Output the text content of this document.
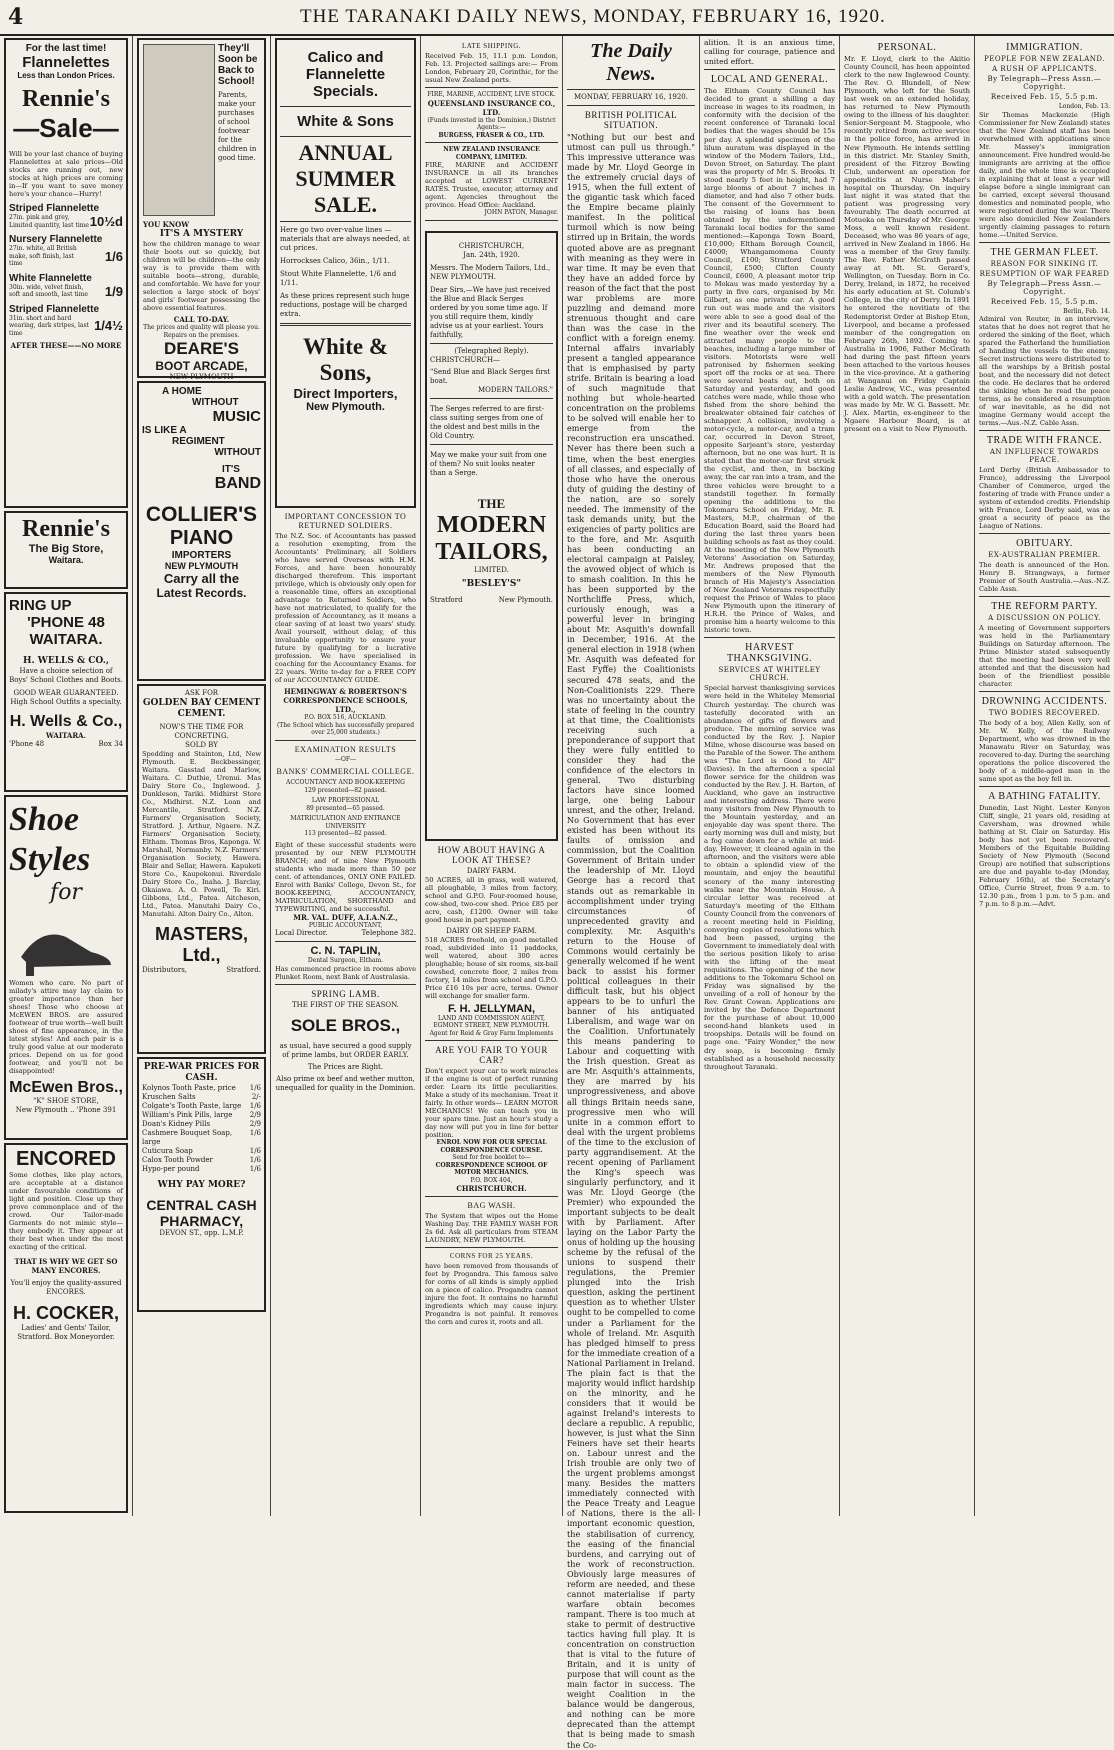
4	THE TARANAKI DAILY NEWS, MONDAY, FEBRUARY 16, 1920.
For the last time!
Flannelettes
Less than London Prices.
Rennie's
—Sale—
Will be your last chance of buying Flannelettes at sale prices—Old stocks are running out, new stocks at high prices are coming in—If you want to save money here's your chance—Hurry!
Striped Flannelette
27in. pink and grey, Limited quantity, last time 10½d
Nursery Flannelette
27in. white, all British make, soft finish, last time	1/6
White Flannelette
30in. wide, velvet finish, soft and smooth, last time 1/9
Striped Flannelette
31in. short and hard wearing, dark stripes, last time	1/4½
AFTER THESE——NO MORE
Rennie's
The Big Store,
Waitara.
RING UP
'PHONE 48
WAITARA.
H. WELLS & CO.,
Have a choice selection of Boys' School Clothes and Boots.
GOOD WEAR GUARANTEED.
High School Outfits a specialty.
H. Wells & Co.,
WAITARA.
'Phone 48	Box 34
Shoe Styles
for
Women who care. No part of milady's attire may lay claim to greater importance than her shoes! Those who choose at McEWEN BROS. are assured footwear of true worth—well built shoes of fine appearance, in the latest styles! And each pair is a truly good value at our moderate prices. Depend on us for good footwear, and you'll not be disappointed!
McEwen Bros.,
"K" SHOE STORE,
New Plymouth .. 'Phone 391
ENCORED
Some clothes, like play actors, are acceptable at a distance under favourable conditions of light and position. Close up they prove commonplace and of the crowd. Our Tailor-made Garments do not mimic style—they embody it. They appear at their best when under the most exacting of the critical.
THAT IS WHY WE GET SO MANY ENCORES.
You'll enjoy the quality-assured ENCORES.
H. COCKER,
Ladies' and Gents' Tailor, Stratford. Box Moneyorder.
They'll Soon be Back to School!
Parents, make your purchases of school footwear for the children in good time.
YOU KNOW
IT'S A MYSTERY
how the children manage to wear their boots out so quickly, but children will be children—the only way is to provide them with suitable boots—strong, durable, and comfortable. We have for your selection a large stock of boys' and girls' footwear possessing the above essential features.
CALL TO-DAY.
The prices and quality will please you.
Repairs on the premises.
DEARE'S
BOOT ARCADE,
NEW PLYMOUTH
A HOME
WITHOUT
MUSIC
IS LIKE A
REGIMENT
WITHOUT
IT'S
BAND
COLLIER'S
PIANO
IMPORTERS
NEW PLYMOUTH
Carry all the
Latest Records.
ASK FOR
GOLDEN BAY CEMENT
CEMENT.
NOW'S THE TIME FOR CONCRETING.
SOLD BY
Spedding and Stainton, Ltd, New Plymouth. E. Beckbessinger, Waitara. Gasstad and Marlow, Waitara. C. Duthie, Urenui. Mas Dairy Store Co., Inglewood. J. Dunkleson, Tariki. Midhirst Store Co., Midhirst. N.Z. Loan and Mercantile, Stratford. N.Z. Farmers' Organisation Society, Stratford. J. Arthur, Ngaere. N.Z. Farmers' Organisation Society, Eltham. Thomas Bros, Kaponga. W. Marshall, Normanby. N.Z. Farmers' Organisation Society, Hawera. Blair and Sellar, Hawera. Kapuketi Store Co., Kaupokonui. Riverdale Dairy Store Co., Inaha. J. Barclay, Okaiawa. A. O. Powell, Te Kiri. Gibbons, Ltd., Patea. Aitcheson, Ltd., Patea. Manutahi Dairy Co., Manutahi. Alton Dairy Co., Alton.
MASTERS, Ltd.,
Distributors,	Stratford.
PRE-WAR PRICES FOR CASH.
Kolynos Tooth Paste, price 1/6
Kruschen Salts	2/-
Colgate's Tooth Paste, large 1/6
William's Pink Pills, large 2/9
Doan's Kidney Pills	2/9
Cashmere Bouquet Soap, large
1/6
Cuticura Soap	1/6
Calox Tooth Powder	1/6
Hypo-per pound	1/6
WHY PAY MORE?
CENTRAL CASH
PHARMACY,
DEVON ST., opp. L.M.P.
Calico and Flannelette Specials.
White & Sons
ANNUAL
SUMMER
SALE.
Here go two over-value lines —materials that are always needed, at cut prices.
Horrockses Calico, 36in., 1/11.
Stout White Flannelette, 1/6 and 1/11.
As these prices represent such huge reductions, postage will be charged extra.
White & Sons,
Direct Importers,
New Plymouth.
IMPORTANT CONCESSION TO RETURNED SOLDIERS.
The N.Z. Soc. of Accountants has passed a resolution exempting, from the Accountants' Preliminary, all Soldiers who have served Overseas with H.M. Forces, and have been honourably discharged therefrom. This important privilege, which is obviously only open for a reasonable time, offers an exceptional advantage to Returned Soldiers, who have not matriculated, to qualify for the profession of Accountancy, as it means a clear saving of at least two years' study. Avail yourself, without delay, of this invaluable opportunity to ensure your future by qualifying for a lucrative profession. We have specialised in coaching for the Accountancy Exams. for 22 years. Write to-day for a FREE COPY of our ACCOUNTANCY GUIDE.
HEMINGWAY & ROBERTSON'S CORRESPONDENCE SCHOOLS, LTD.,
P.O. BOX 516, AUCKLAND.
(The School which has successfully prepared over 25,000 students.)
EXAMINATION RESULTS
—OF—
BANKS' COMMERCIAL COLLEGE.
ACCOUNTANCY AND BOOK-KEEPING
129 presented—82 passed.
LAW PROFESSIONAL
89 presented—65 passed.
MATRICULATION AND ENTRANCE UNIVERSITY
113 presented—82 passed.
Eight of these successful students were presented by our NEW PLYMOUTH BRANCH; and of nine New Plymouth students who made more than 50 per cent. of attendances, ONLY ONE FAILED. Enrol with Banks' College, Devon St., for BOOK-KEEPING, ACCOUNTANCY, MATRICULATION, SHORTHAND and TYPEWRITING, and be successful.
MR. VAL. DUFF, A.I.A.N.Z.,
PUBLIC ACCOUNTANT,
Local Director.	Telephone 382.
C. N. TAPLIN,
Dental Surgeon, Eltham.
Has commenced practice in rooms above Plunket Room, next Bank of Australasia.
SPRING LAMB.
THE FIRST OF THE SEASON.
SOLE BROS.,
as usual, have secured a good supply of prime lambs, but ORDER EARLY.
The Prices are Right.
Also prime ox beef and wether mutton, unequalled for quality in the Dominion.
LATE SHIPPING.
Received Feb. 15, 11.1 p.m. London, Feb. 13. Projected sailings are:— From London, February 20, Corinthic, for the usual New Zealand ports.
FIRE, MARINE, ACCIDENT, LIVE STOCK.
QUEENSLAND INSURANCE CO., LTD.
(Funds invested in the Dominion.) District Agents:—
BURGESS, FRASER & CO., LTD.
NEW ZEALAND INSURANCE COMPANY, LIMITED.
FIRE, MARINE and ACCIDENT INSURANCE in all its branches accepted at LOWEST CURRENT RATES. Trustee, executor, attorney and agent. Agencies throughout the province. Head Office: Auckland.
JOHN PATON, Manager.
CHRISTCHURCH,
Jan. 24th, 1920.
Messrs. The Modern Tailors, Ltd., NEW PLYMOUTH.
Dear Sirs,—We have just received the Blue and Black Serges ordered by you some time ago. If you still require them, kindly advise us at your earliest. Yours faithfully,
(Telegraphed Reply).
CHRISTCHURCH—
"Send Blue and Black Serges first boat.
MODERN TAILORS."
The Serges referred to are first-class suiting serges from one of the oldest and best mills in the Old Country.
May we make your suit from one of them? No suit looks neater than a Serge.
THE
MODERN
TAILORS,
LIMITED.
"BESLEY'S"
Stratford	New Plymouth.
HOW ABOUT HAVING A LOOK AT THESE?
DAIRY FARM.
50 ACRES, all in grass, well watered, all ploughable, 3 miles from factory, school and G.P.O. Four-roomed house, cow-shed, two-cow shed. Price £85 per acre, cash, £1200. Owner will take good house in part payment.
DAIRY OR SHEEP FARM.
518 ACRES freehold, on good metalled road, subdivided into 11 paddocks, well watered, about 300 acres ploughable; house of six rooms, six-bail cowshed, concrete floor, 2 miles from factory, 14 miles from school and G.P.O. Price £16 10s per acre, terms. Owner will exchange for smaller farm.
F. H. JELLYMAN,
LAND AND COMMISSION AGENT, EGMONT STREET, NEW PLYMOUTH.
Agent for Reid & Gray Farm Implements
ARE YOU FAIR TO YOUR CAR?
Don't expect your car to work miracles if the engine is out of perfect running order. Learn its little peculiarities. Make a study of its mechanism. Treat it fairly. In other words— LEARN MOTOR MECHANICS! We can teach you in your spare time. Just an hour's study a day now will put you in line for better position.
ENROL NOW FOR OUR SPECIAL CORRESPONDENCE COURSE.
Send for free booklet to—
CORRESPONDENCE SCHOOL OF MOTOR MECHANICS.
P.O. BOX 404,
CHRISTCHURCH.
BAG WASH.
The System that wipes out the Home Washing Day. THE FAMILY WASH FOR 2s 6d. Ask all particulars from STEAM LAUNDRY, NEW PLYMOUTH.
CORNS FOR 25 YEARS.
have been removed from thousands of feet by Progandra. This famous salve for corns of all kinds is simply applied on a piece of calico. Progandra cannot injure the foot. It contains no harmful ingredients which may cause injury. Progandra is not painful. It removes the corn and cures it, roots and all.
The Daily News.
MONDAY, FEBRUARY 16, 1920.
BRITISH POLITICAL SITUATION.
"Nothing but our best and utmost can pull us through." This impressive utterance was made by Mr. Lloyd George in the extremely crucial days of 1915, when the full extent of the gigantic task which faced the Empire became plainly manifest. In the political turmoil which is now being stirred up in Britain, the words quoted above are as pregnant with meaning as they were in war time. It may be even that they have an added force by reason of the fact that the post war problems are more puzzling and demand more strenuous thought and care than was the case in the conflict with a foreign enemy. Internal affairs invariably present a tangled appearance that is emphasised by party strife. Britain is bearing a load of such magnitude that nothing but whole-hearted concentration on the problems to be solved will enable her to emerge from the reconstruction era unscathed. Never has there been such a time, when the best energies of all classes, and especially of those who have the onerous duty of guiding the destiny of the nation, are so sorely needed. The immensity of the task demands unity, but the exigencies of party politics are to the fore, and Mr. Asquith has been conducting an electoral campaign at Paisley, the avowed object of which is to smash coalition. In this he has been supported by the Northcliffe Press, which, curiously enough, was a powerful lever in bringing about Mr. Asquith's downfall in December, 1916. At the general election in 1918 (when Mr. Asquith was defeated for East Fyffe) the Coalitionists secured 478 seats, and the Non-Coalitionists 229. There was no uncertainty about the state of feeling in the country at that time, the Coalitionists receiving such a preponderance of support that they were fully entitled to consider they had the confidence of the electors in general. Two disturbing factors have since loomed large, one being Labour unrest, and the other, Ireland. No Government that has ever existed has been without its faults of omission and commission, but the Coalition Government of Britain under the leadership of Mr. Lloyd George has a record that stands out as remarkable in accomplishment under trying circumstances of unprecedented gravity and complexity. Mr. Asquith's return to the House of Commons would certainly be generally welcomed if he went back to assist his former political colleagues in their difficult task, but his object appears to be to unfurl the banner of his antiquated Liberalism, and wage war on the Coalition. Unfortunately this means pandering to Labour and coquetting with the Irish question. Great as are Mr. Asquith's attainments, they are marred by his unprogressiveness, and above all things Britain needs sane, progressive men who will unite in a common effort to deal with the urgent problems of the time to the exclusion of party aggrandisement. At the recent opening of Parliament the King's speech was singularly perfunctory, and it was Mr. Lloyd George (the Premier) who expounded the important subjects to be dealt with by Parliament. After laying on the Labor Party the onus of holding up the housing scheme by the refusal of the unions to suspend their regulations, the Premier plunged into the Irish question, asking the pertinent question as to whether Ulster ought to be compelled to come under a Parliament for the whole of Ireland. Mr. Asquith has pledged himself to press for the immediate creation of a National Parliament in Ireland. The plain fact is that the majority would inflict hardship on the minority, and he considers that it would be against Ireland's interests to declare a republic. A republic, however, is just what the Sinn Feiners have set their hearts on. Labour unrest and the Irish trouble are only two of the urgent problems amongst many. Besides the matters immediately connected with the Peace Treaty and League of Nations, there is the all-important economic question, the stabilisation of currency, the easing of the financial burdens, and carrying out of the work of reconstruction. Obviously large measures of reform are needed, and these cannot materialise if party warfare obtain becomes rampant. There is too much at stake to permit of destructive tactics having full play. It is concentration on construction that is vital to the future of Britain, and it is unity of purpose that will count as the main factor in success. The weight Coalition in the balance would be dangerous, and nothing can be more deprecated than the attempt that is being made to smash the Co-
alition. It is an anxious time, calling for courage, patience and united effort.
LOCAL AND GENERAL.
The Eltham County Council has decided to grant a shilling a day increase in wages to its roadmen, in conformity with the decision of the recent conference of Taranaki local bodies that the wages should be 15s per day. A splendid specimen of the lilum auratum was displayed in the window of the Modern Tailors, Ltd., Devon Street, on Saturday. The plant was the property of Mr. S. Brooks. It stood nearly 5 feet in height, had 7 large blooms of about 7 inches in diameter, and had also 7 other buds. The consent of the Government to the raising of loans has been obtained by the undermentioned Taranaki local bodies for the same mentioned:—Kaponga Town Board, £10,000; Eltham Borough Council, £4000; Whangamomona County Council, £100; Stratford County Council, £500; Clifton County Council, £600, A pleasant motor trip to Mokau was made yesterday by a party in five cars, organised by Mr. Gilbert, as one private car. A good run out was made and the visitors were able to see a good deal of the river and its beautiful scenery. The fine weather over the week end attracted many people to the beaches, including a large number of visitors. Motorists were well patronised by fishermen seeking sport off the rocks or at sea. There were several boats out, both on Saturday and yesterday, and good catches were made, while those who fished from the shore behind the breakwater obtained fair catches of schnapper. A collision, involving a motor-cycle, a motor-car, and a tram car, occurred in Devon Street, opposite Sarjeant's store, yesterday afternoon, but no one was hurt. It is stated that the motor-car first struck the cyclist, and then, in backing away, the car ran into a tram, and the three vehicles were brought to a standstill together. In formally opening the additions to the Tokomaru School on Friday, Mr. R. Masters, M.P., chairman of the Education Board, said the Board had during the last three years been building schools as fast as they could. At the meeting of the New Plymouth Veterans' Association on Saturday, Mr. Andrews proposed that the members of the New Plymouth branch of His Majesty's Association of New Zealand Veterans respectfully request the Prince of Wales to place New Plymouth upon the itinerary of H.R.H. the Prince of Wales, and promise him a hearty welcome to this historic town.
HARVEST THANKSGIVING.
SERVICES AT WHITELEY CHURCH.
Special harvest thanksgiving services were held in the Whiteley Memorial Church yesterday. The church was tastefully decorated with an abundance of gifts of flowers and produce. The morning service was conducted by the Rev. J. Napier Milne, whose discourse was based on the Parable of the Sower. The anthem was "The Lord is Good to All" (Davies). In the afternoon a special flower service for the children was conducted by the Rev. J. H. Barton, of Auckland, who gave an instructive and interesting address. There were many visitors from New Plymouth to the Mountain yesterday, and an enjoyable day was spent there. The early morning was dull and misty, but a fog came down for a while at mid-day. However, it cleared again in the afternoon, and the visitors were able to obtain a splendid view of the mountain, and enjoy the beautiful scenery of the many interesting walks near the Mountain House. A circular letter was received at Saturday's meeting of the Eltham County Council from the convenors of a recent meeting held in Fielding, conveying copies of resolutions which had been passed, urging the Government to immediately deal with the serious position likely to arise with the lifting of the meat requisitions. The opening of the new additions to the Tokomaru School on Friday was signalised by the unveiling of a roll of honour by the Rev. Grant Cowan. Applications are invited by the Defence Department for the purchase of about 10,000 second-hand blankets used in troopships. Details will be found on page one. "Fairy Wonder," the new dry soap, is becoming firmly established as a household necessity throughout Taranaki.
PERSONAL.
Mr. F. Lloyd, clerk to the Akitio County Council, has been appointed clerk to the new Inglewood County. The Rev. O. Blundell, of New Plymouth, who left for the South last week on an extended holiday, has returned to New Plymouth owing to the illness of his daughter. Senior-Sergeant M. Stagpoole, who recently retired from active service in the police force, has arrived in New Plymouth. He intends settling in this district. Mr. Stanley Smith, president of the Fitzroy Bowling Club, underwent an operation for appendicitis at Nurse Maher's hospital on Thursday. On inquiry last night it was stated that the patient was progressing very favourably. The death occurred at Motueka on Thursday of Mr. George Moss, a well known resident. Deceased, who was 86 years of age, arrived in New Zealand in 1866. He was a member of the Grey family. The Rev. Father McGrath passed away at Mt. St. Gerard's, Wellington, on Tuesday. Born in Co. Derry, Ireland, in 1872, he received his early education at St. Columb's College, in the city of Derry. In 1891 he entered the novitiate of the Redemptorist Order at Bishop Eton, Liverpool, and became a professed member of the congregation on February 26th, 1892. Coming to Australia in 1906, Father McGrath had during the past fifteen years been attached to the various houses in the vice-province. At a gathering at Wanganui on Friday Captain Leslie Andrew, V.C., was presented with a gold watch. The presentation was made by Mr. W. G. Bassett. Mr. J. Alex. Martin, ex-engineer to the Ngaere Harbour Board, is at present on a visit to New Plymouth.
IMMIGRATION.
PEOPLE FOR NEW ZEALAND.
A RUSH OF APPLICANTS.
By Telegraph—Press Assn.—Copyright.
Received Feb. 15, 5.5 p.m.
London, Feb. 13.
Sir Thomas Mackenzie (High Commissioner for New Zealand) states that the New Zealand staff has been overwhelmed with applications since Mr. Massey's immigration announcement. Five hundred would-be immigrants are arriving at the office daily, and the whole time is occupied in explaining that at least a year will elapse before a single immigrant can be carried, except several thousand domestics and nominated people, who were registered during the war. There were also domiciled New Zealanders urgently claiming passages to return home.—United Service.
THE GERMAN FLEET.
REASON FOR SINKING IT.
RESUMPTION OF WAR FEARED
By Telegraph—Press Assn.—Copyright.
Received Feb. 15, 5.5 p.m.
Berlin, Feb. 14.
Admiral von Reuter, in an interview, states that he does not regret that he ordered the sinking of the fleet, which spared the Fatherland the humiliation of handing the vessels to the enemy. Secret instructions were distributed to all the warships by a British postal boat, and the necessary did not detect the code. He declares that he ordered the sinking when he read the peace terms, as he considered a resumption of war inevitable, as he did not imagine Germany would accept the terms.—Aus.-N.Z. Cable Assn.
TRADE WITH FRANCE.
AN INFLUENCE TOWARDS PEACE.
Lord Derby (British Ambassador to France), addressing the Liverpool Chamber of Commerce, urged the fostering of trade with France under a system of extended credits. Friendship with France, Lord Derby said, was as great a security of peace as the League of Nations.
OBITUARY.
EX-AUSTRALIAN PREMIER.
The death is announced of the Hon. Henry B. Strangways, a former Premier of South Australia.—Aus.-N.Z. Cable Assn.
THE REFORM PARTY.
A DISCUSSION ON POLICY.
A meeting of Government supporters was held in the Parliamentary Buildings on Saturday afternoon. The Prime Minister stated subsequently that the meeting had been very well attended and that the discussion had been of the friendliest possible character.
DROWNING ACCIDENTS.
TWO BODIES RECOVERED.
The body of a boy, Allen Kelly, son of Mr. W. Kelly, of the Railway Department, who was drowned in the Manawatu River on Saturday, was recovered to-day. During the searching operations the police discovered the body of a middle-aged man in the same spot as the boy fell in.
A BATHING FATALITY.
Dunedin, Last Night. Lester Kenyon Cliff, single, 21 years old, residing at Caversham, was drowned while bathing at St. Clair on Saturday. His body has not yet been recovered. Members of the Equitable Building Society of New Plymouth (Second Group) are notified that subscriptions are due and payable to-day (Monday, February 16th), at the Secretary's Office, Currie Street, from 9 a.m. to 12.30 p.m., from 1 p.m. to 5 p.m. and 7 p.m. to 8 p.m.—Advt.
